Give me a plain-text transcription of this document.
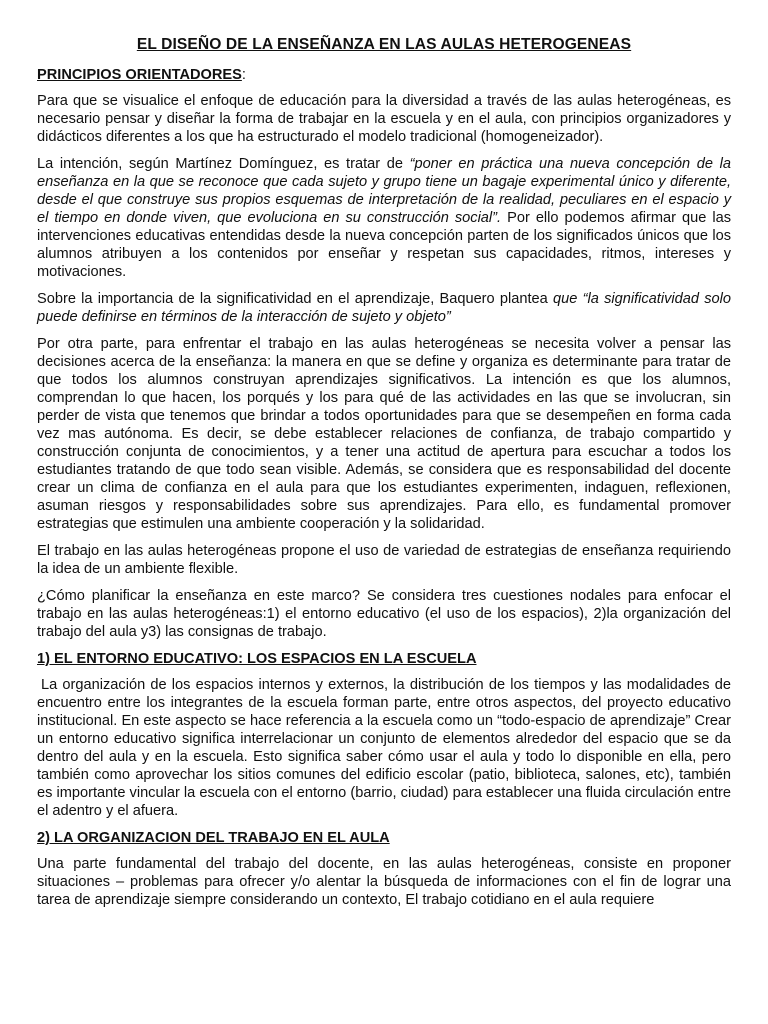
EL DISEÑO DE LA ENSEÑANZA EN LAS AULAS HETEROGENEAS

PRINCIPIOS ORIENTADORES:

Para que se visualice el enfoque de educación para la diversidad a través de las aulas heterogéneas, es necesario pensar y diseñar la forma de trabajar en la escuela y en el aula, con principios organizadores y didácticos diferentes a los que ha estructurado el modelo tradicional (homogeneizador).

La intención, según Martínez Domínguez, es tratar de “poner en práctica una nueva concepción de la enseñanza en la que se reconoce que cada sujeto y grupo tiene un bagaje experimental único y diferente, desde el que construye sus propios esquemas de interpretación de la realidad, peculiares en el espacio y el tiempo en donde viven, que evoluciona en su construcción social”. Por ello podemos afirmar que las intervenciones educativas entendidas desde la nueva concepción parten de los significados únicos que los alumnos atribuyen a los contenidos por enseñar y respetan sus capacidades, ritmos, intereses y motivaciones.

Sobre la importancia de la significatividad en el aprendizaje, Baquero plantea que “la significatividad solo puede definirse en términos de la interacción de sujeto y objeto”

Por otra parte, para enfrentar el trabajo en las aulas heterogéneas se necesita volver a pensar las decisiones acerca de la enseñanza: la manera en que se define y organiza es determinante para tratar de que todos los alumnos construyan aprendizajes significativos. La intención es que los alumnos, comprendan lo que hacen, los porqués y los para qué de las actividades en las que se involucran, sin perder de vista que tenemos que brindar a todos oportunidades para que se desempeñen en forma cada vez mas autónoma. Es decir, se debe establecer relaciones de confianza, de trabajo compartido y construcción conjunta de conocimientos, y a tener una actitud de apertura para escuchar a todos los estudiantes tratando de que todo sean visible. Además, se considera que es responsabilidad del docente crear un clima de confianza en el aula para que los estudiantes experimenten, indaguen, reflexionen, asuman riesgos y responsabilidades sobre sus aprendizajes. Para ello, es fundamental promover estrategias que estimulen una ambiente cooperación y la solidaridad.

El trabajo en las aulas heterogéneas propone el uso de variedad de estrategias de enseñanza requiriendo la idea de un ambiente flexible.

¿Cómo planificar la enseñanza en este marco? Se considera tres cuestiones nodales para enfocar el trabajo en las aulas heterogéneas:1) el entorno educativo (el uso de los espacios), 2)la organización del trabajo del aula y3) las consignas de trabajo.

1) EL ENTORNO EDUCATIVO: LOS ESPACIOS EN LA ESCUELA

La organización de los espacios internos y externos, la distribución de los tiempos y las modalidades de encuentro entre los integrantes de la escuela forman parte, entre otros aspectos, del proyecto educativo institucional. En este aspecto se hace referencia a la escuela como un “todo-espacio de aprendizaje” Crear un entorno educativo significa interrelacionar un conjunto de elementos alrededor del espacio que se da dentro del aula y en la escuela. Esto significa saber cómo usar el aula y todo lo disponible en ella, pero también como aprovechar los sitios comunes del edificio escolar (patio, biblioteca, salones, etc), también es importante vincular la escuela con el entorno (barrio, ciudad) para establecer una fluida circulación entre el adentro y el afuera.

2) LA ORGANIZACION DEL TRABAJO EN EL AULA

Una parte fundamental del trabajo del docente, en las aulas heterogéneas, consiste en proponer situaciones – problemas para ofrecer y/o alentar la búsqueda de informaciones con el fin de lograr una tarea de aprendizaje siempre considerando un contexto, El trabajo cotidiano en el aula requiere
